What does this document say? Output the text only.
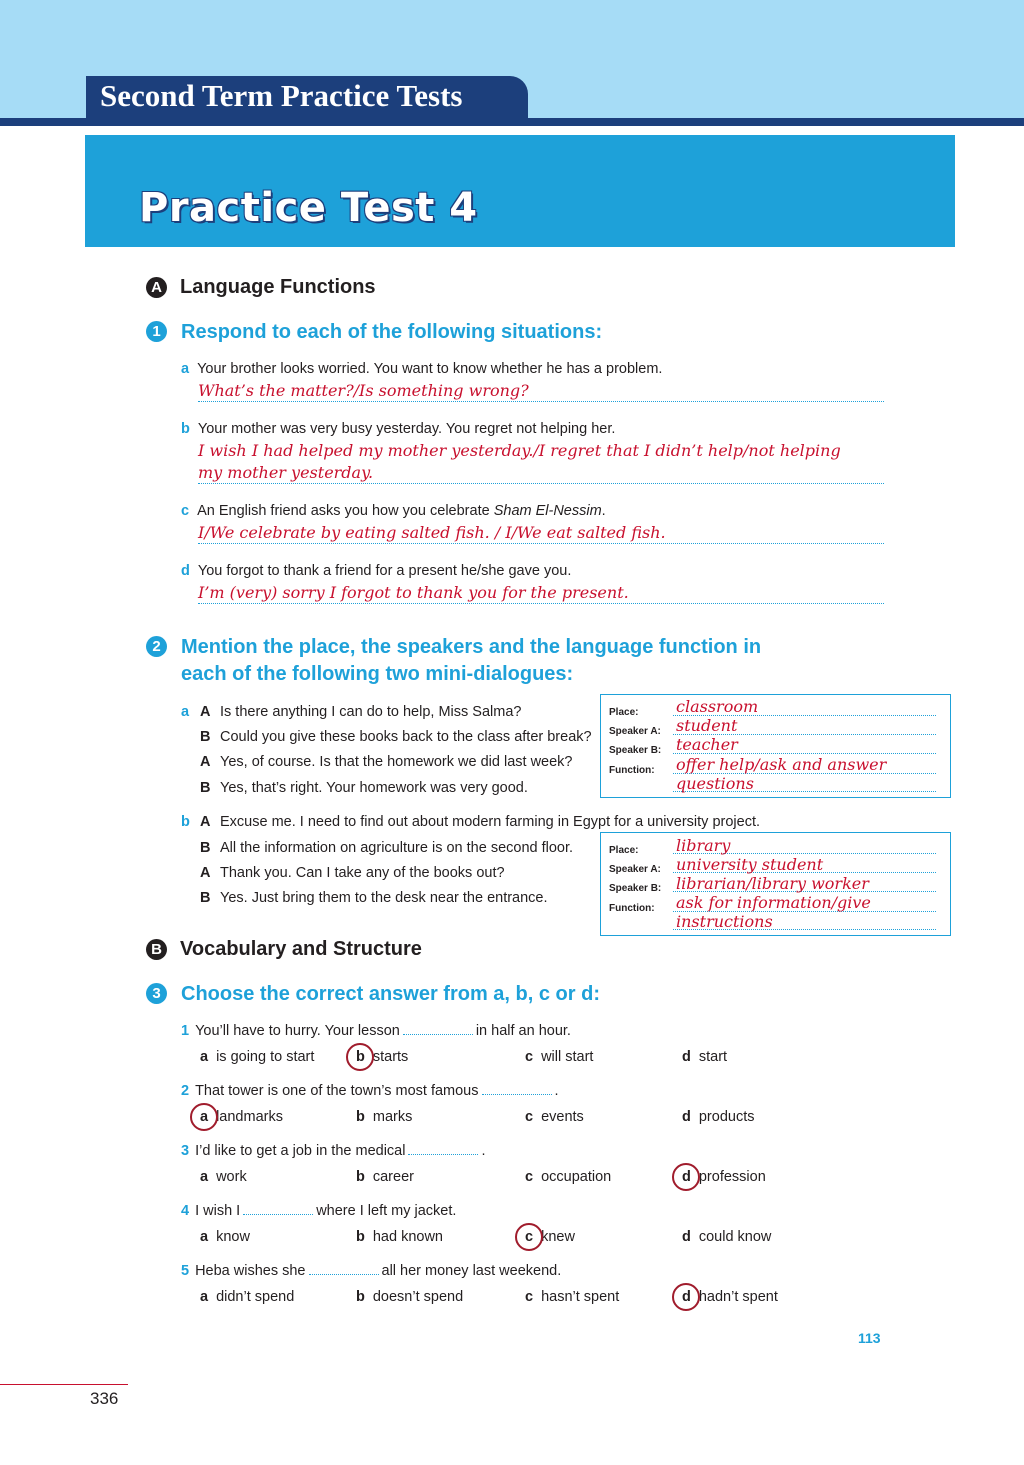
Second Term Practice Tests
Practice Test 4
A Language Functions
1	Respond to each of the following situations:
a Your brother looks worried. You want to know whether he has a problem.
What’s the matter?/Is something wrong?
b Your mother was very busy yesterday. You regret not helping her.
I wish I had helped my mother yesterday./I regret that I didn’t help/not helping
my mother yesterday.
c An English friend asks you how you celebrate Sham El-Nessim.
I/We celebrate by eating salted fish. / I/We eat salted fish.
d You forgot to thank a friend for a present he/she gave you.
I’m (very) sorry I forgot to thank you for the present.
2	Mention the place, the speakers and the language function in
each of the following two mini-dialogues:
a A Is there anything I can do to help, Miss Salma?
B Could you give these books back to the class after break?
A Yes, of course. Is that the homework we did last week?
B Yes, that’s right. Your homework was very good.
Place: classroom
Speaker A: student
Speaker B: teacher
Function: offer help/ask and answer
questions
b A Excuse me. I need to find out about modern farming in Egypt for a university project.
B All the information on agriculture is on the second floor.
A Thank you. Can I take any of the books out?
B Yes. Just bring them to the desk near the entrance.
Place: library
Speaker A: university student
Speaker B: librarian/library worker
Function: ask for information/give
instructions
B Vocabulary and Structure
3	Choose the correct answer from a, b, c or d:
1 You’ll have to hurry. Your lesson	in half an hour.
a is going to start	b starts	c will start	d start
2 That tower is one of the town’s most famous	.
a landmarks	b marks	c events	d products
3 I’d like to get a job in the medical	.
a work	b career	c occupation	d profession
4 I wish I	where I left my jacket.
a know	b had known	c knew	d could know
5 Heba wishes she	all her money last weekend.
a didn’t spend	b doesn’t spend	c hasn’t spent	d hadn’t spent
113
336
